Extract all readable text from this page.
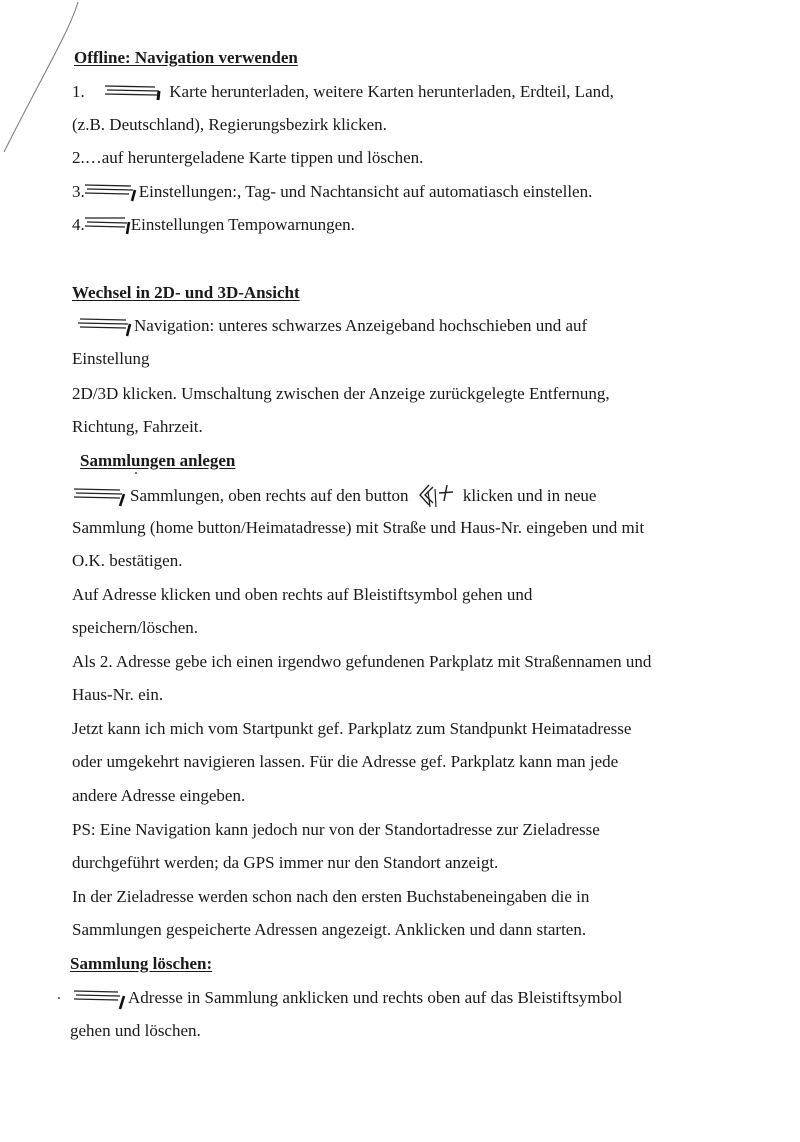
Offline: Navigation verwenden
1.	Karte herunterladen, weitere Karten herunterladen, Erdteil, Land,
(z.B. Deutschland), Regierungsbezirk klicken.
2.…auf heruntergeladene Karte tippen und löschen.
3.	Einstellungen:, Tag- und Nachtansicht auf automatiasch einstellen.
4.	Einstellungen Tempowarnungen.
Wechsel in 2D- und 3D-Ansicht
Navigation: unteres schwarzes Anzeigeband hochschieben und auf
Einstellung
2D/3D klicken. Umschaltung zwischen der Anzeige zurückgelegte Entfernung,
Richtung, Fahrzeit.
Sammlungen anlegen
Sammlungen, oben rechts auf den button	klicken und in neue
Sammlung (home button/Heimatadresse) mit Straße und Haus-Nr. eingeben und mit
O.K. bestätigen.
Auf Adresse klicken und oben rechts auf Bleistiftsymbol gehen und
speichern/löschen.
Als 2. Adresse gebe ich einen irgendwo gefundenen Parkplatz mit Straßennamen und
Haus-Nr. ein.
Jetzt kann ich mich vom Startpunkt gef. Parkplatz zum Standpunkt Heimatadresse
oder umgekehrt navigieren lassen. Für die Adresse gef. Parkplatz kann man jede
andere Adresse eingeben.
PS: Eine Navigation kann jedoch nur von der Standortadresse zur Zieladresse
durchgeführt werden; da GPS immer nur den Standort anzeigt.
In der Zieladresse werden schon nach den ersten Buchstabeneingaben die in
Sammlungen gespeicherte Adressen angezeigt. Anklicken und dann starten.
Sammlung löschen:
Adresse in Sammlung anklicken und rechts oben auf das Bleistiftsymbol
gehen und löschen.
